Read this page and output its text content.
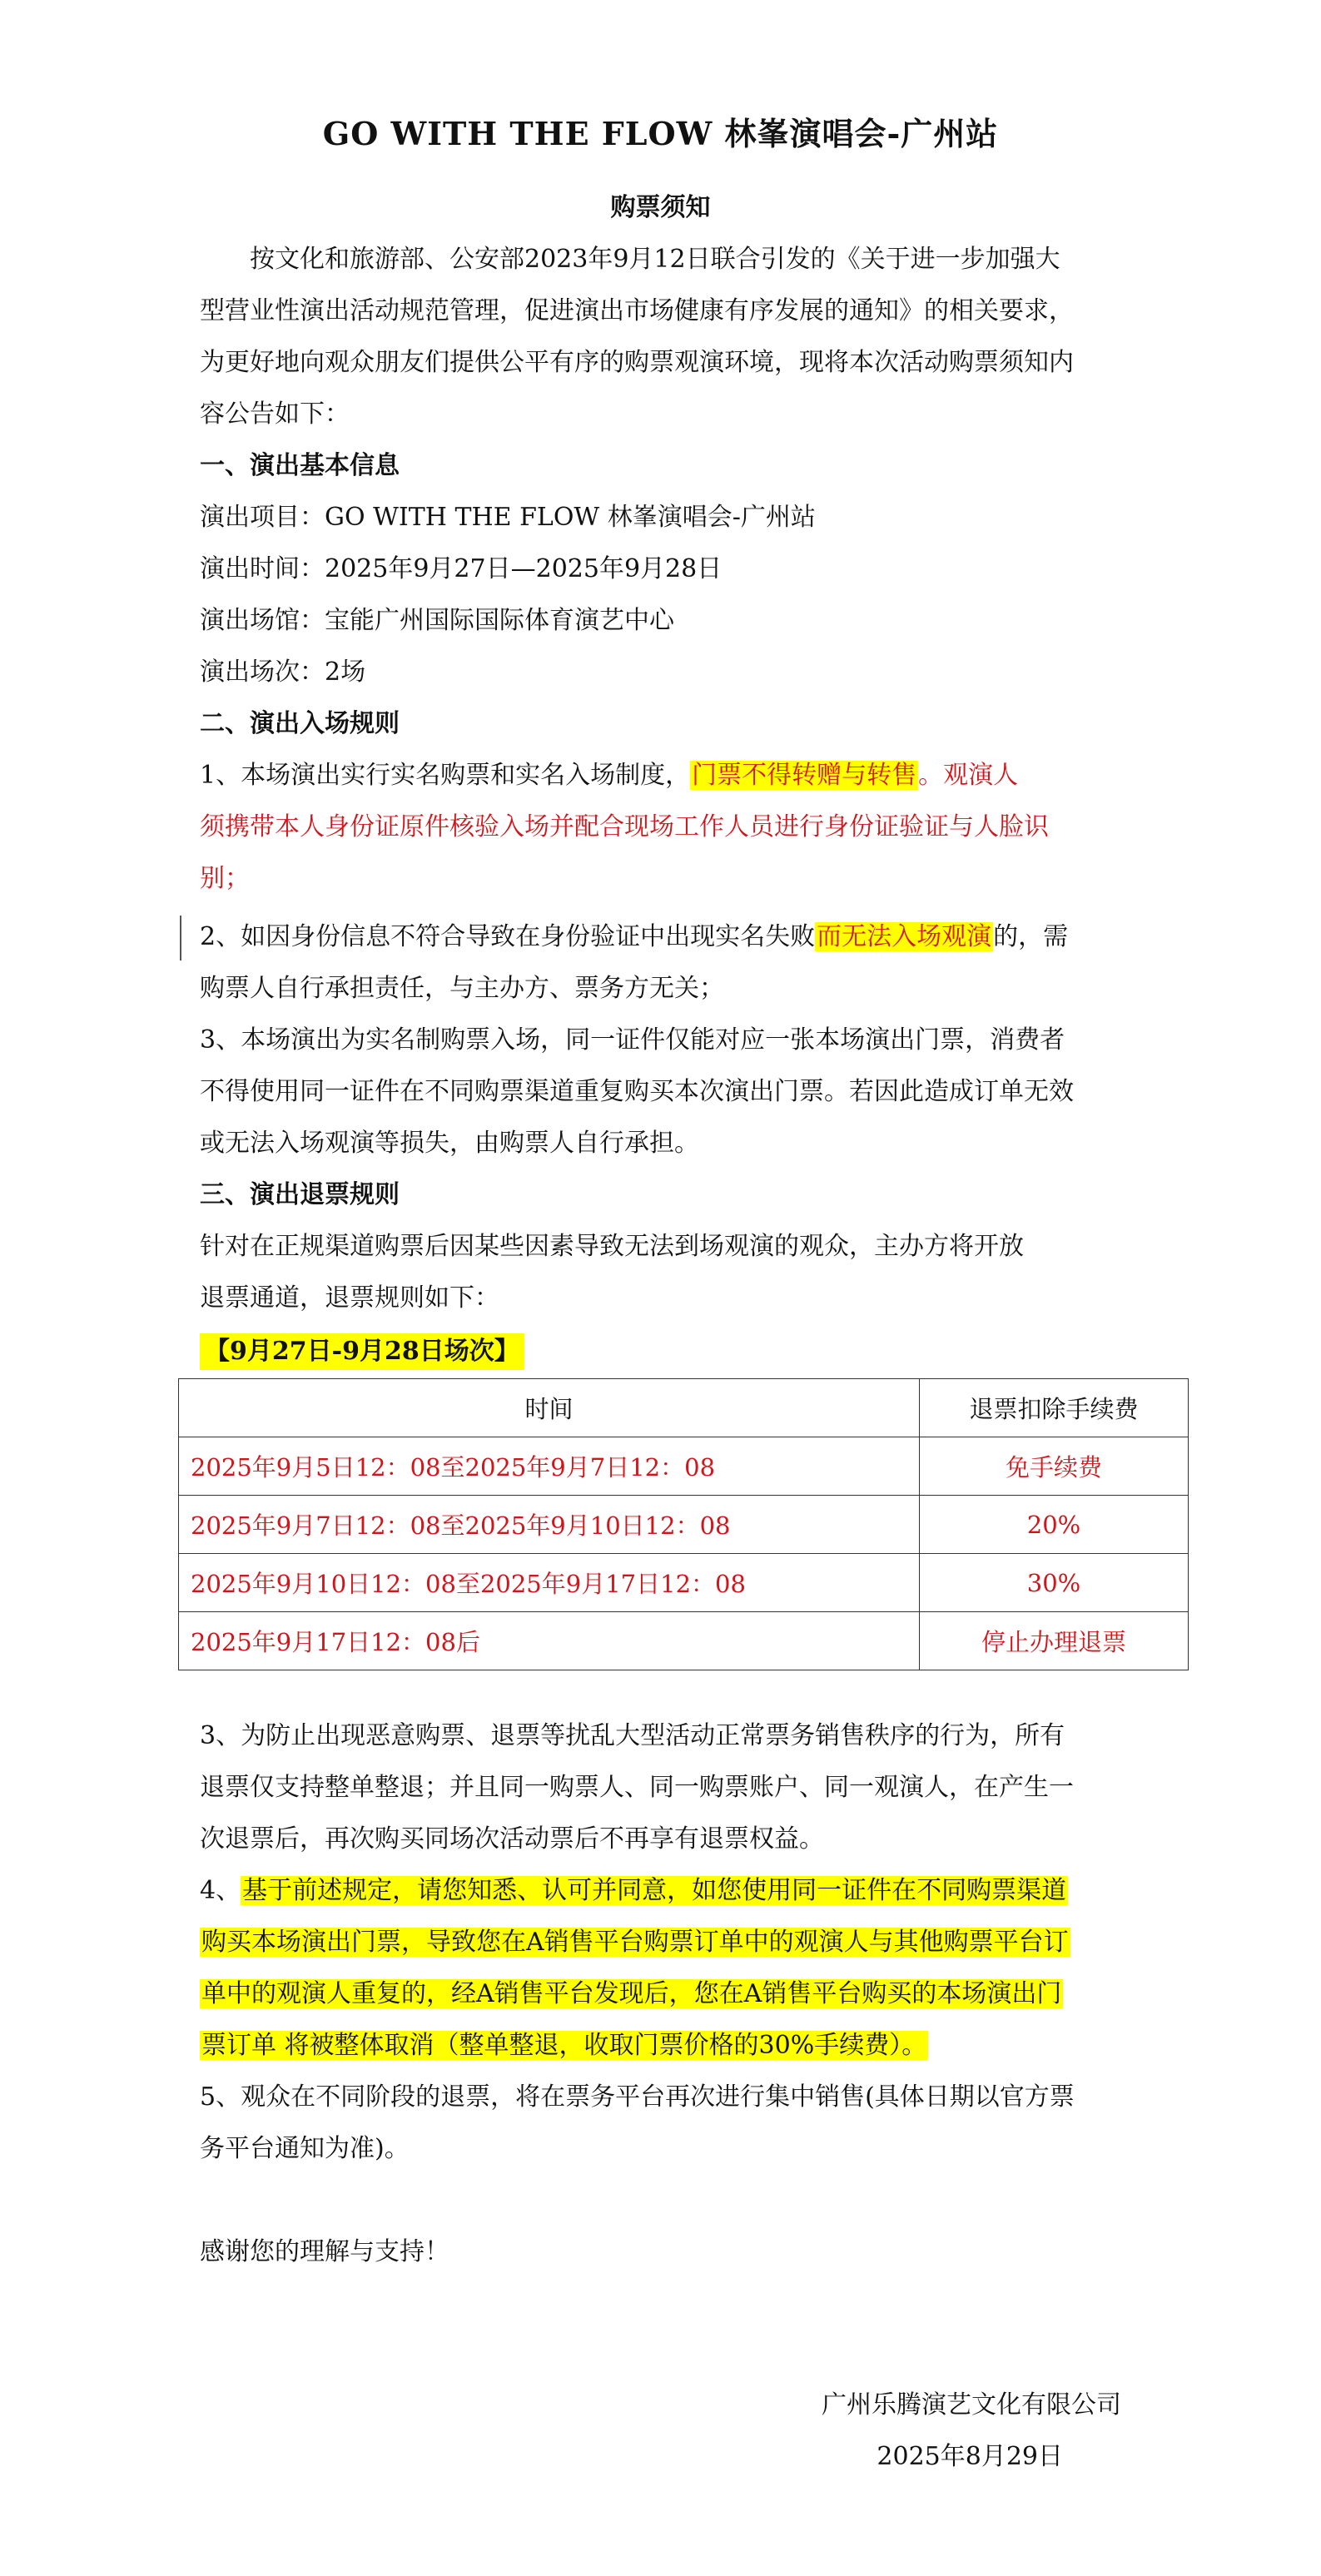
GO WITH THE FLOW 林峯演唱会-广州站
购票须知
按文化和旅游部、公安部2023年9月12日联合引发的《关于进一步加强大
型营业性演出活动规范管理，促进演出市场健康有序发展的通知》的相关要求，
为更好地向观众朋友们提供公平有序的购票观演环境，现将本次活动购票须知内
容公告如下：
一、演出基本信息
演出项目：GO WITH THE FLOW 林峯演唱会-广州站
演出时间：2025年9月27日—2025年9月28日
演出场馆：宝能广州国际国际体育演艺中心
演出场次：2场
二、演出入场规则
1、本场演出实行实名购票和实名入场制度，门票不得转赠与转售。观演人
须携带本人身份证原件核验入场并配合现场工作人员进行身份证验证与人脸识
别；
2、如因身份信息不符合导致在身份验证中出现实名失败而无法入场观演的，需
购票人自行承担责任，与主办方、票务方无关；
3、本场演出为实名制购票入场，同一证件仅能对应一张本场演出门票，消费者
不得使用同一证件在不同购票渠道重复购买本次演出门票。若因此造成订单无效
或无法入场观演等损失，由购票人自行承担。
三、演出退票规则
针对在正规渠道购票后因某些因素导致无法到场观演的观众，主办方将开放
退票通道，退票规则如下：
【9月27日-9月28日场次】
时间	退票扣除手续费
2025年9月5日12：08至2025年9月7日12：08	免手续费
2025年9月7日12：08至2025年9月10日12：08	20%
2025年9月10日12：08至2025年9月17日12：08	30%
2025年9月17日12：08后	停止办理退票
3、为防止出现恶意购票、退票等扰乱大型活动正常票务销售秩序的行为，所有
退票仅支持整单整退；并且同一购票人、同一购票账户、同一观演人，在产生一
次退票后，再次购买同场次活动票后不再享有退票权益。
4、基于前述规定，请您知悉、认可并同意，如您使用同一证件在不同购票渠道
购买本场演出门票，导致您在A销售平台购票订单中的观演人与其他购票平台订
单中的观演人重复的，经A销售平台发现后，您在A销售平台购买的本场演出门
票订单 将被整体取消（整单整退，收取门票价格的30%手续费）。
5、观众在不同阶段的退票，将在票务平台再次进行集中销售(具体日期以官方票
务平台通知为准)。
感谢您的理解与支持！
广州乐腾演艺文化有限公司
2025年8月29日
